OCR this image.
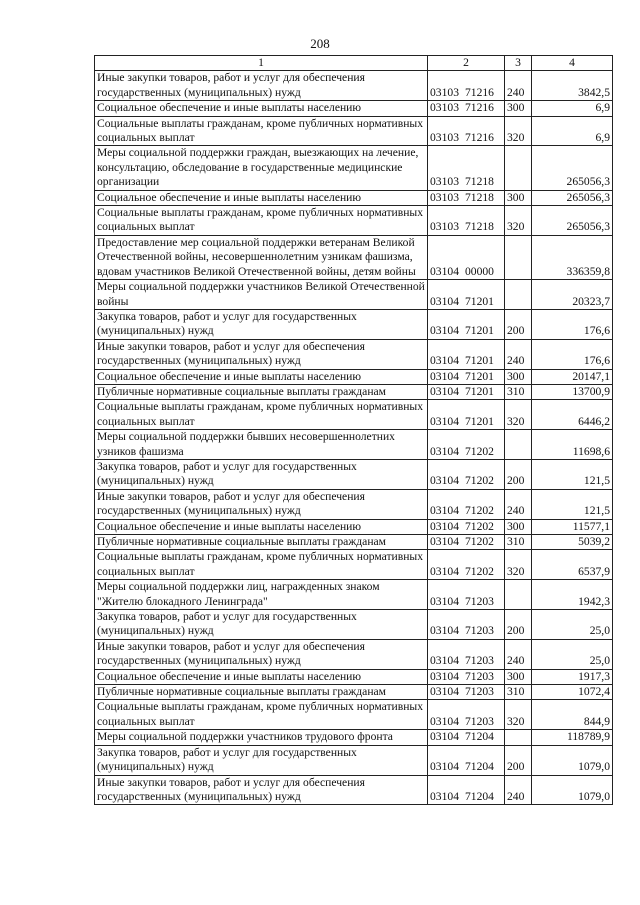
208
1	2	3	4
Иные закупки товаров, работ и услуг для обеспечения государственных (муниципальных) нужд	03103 71216	240	3842,5
Социальное обеспечение и иные выплаты населению	03103 71216	300	6,9
Социальные выплаты гражданам, кроме публичных нормативных социальных выплат	03103 71216	320	6,9
Меры социальной поддержки граждан, выезжающих на лечение, консультацию, обследование в государственные медицинские организации	03103 71218		265056,3
Социальное обеспечение и иные выплаты населению	03103 71218	300	265056,3
Социальные выплаты гражданам, кроме публичных нормативных социальных выплат	03103 71218	320	265056,3
Предоставление мер социальной поддержки ветеранам Великой Отечественной войны, несовершеннолетним узникам фашизма, вдовам участников Великой Отечественной войны, детям войны	03104 00000		336359,8
Меры социальной поддержки участников Великой Отечественной войны	03104 71201		20323,7
Закупка товаров, работ и услуг для государственных (муниципальных) нужд	03104 71201	200	176,6
Иные закупки товаров, работ и услуг для обеспечения государственных (муниципальных) нужд	03104 71201	240	176,6
Социальное обеспечение и иные выплаты населению	03104 71201	300	20147,1
Публичные нормативные социальные выплаты гражданам	03104 71201	310	13700,9
Социальные выплаты гражданам, кроме публичных нормативных социальных выплат	03104 71201	320	6446,2
Меры социальной поддержки бывших несовершеннолетних узников фашизма	03104 71202		11698,6
Закупка товаров, работ и услуг для государственных (муниципальных) нужд	03104 71202	200	121,5
Иные закупки товаров, работ и услуг для обеспечения государственных (муниципальных) нужд	03104 71202	240	121,5
Социальное обеспечение и иные выплаты населению	03104 71202	300	11577,1
Публичные нормативные социальные выплаты гражданам	03104 71202	310	5039,2
Социальные выплаты гражданам, кроме публичных нормативных социальных выплат	03104 71202	320	6537,9
Меры социальной поддержки лиц, награжденных знаком "Жителю блокадного Ленинграда"	03104 71203		1942,3
Закупка товаров, работ и услуг для государственных (муниципальных) нужд	03104 71203	200	25,0
Иные закупки товаров, работ и услуг для обеспечения государственных (муниципальных) нужд	03104 71203	240	25,0
Социальное обеспечение и иные выплаты населению	03104 71203	300	1917,3
Публичные нормативные социальные выплаты гражданам	03104 71203	310	1072,4
Социальные выплаты гражданам, кроме публичных нормативных социальных выплат	03104 71203	320	844,9
Меры социальной поддержки участников трудового фронта	03104 71204		118789,9
Закупка товаров, работ и услуг для государственных (муниципальных) нужд	03104 71204	200	1079,0
Иные закупки товаров, работ и услуг для обеспечения государственных (муниципальных) нужд	03104 71204	240	1079,0
